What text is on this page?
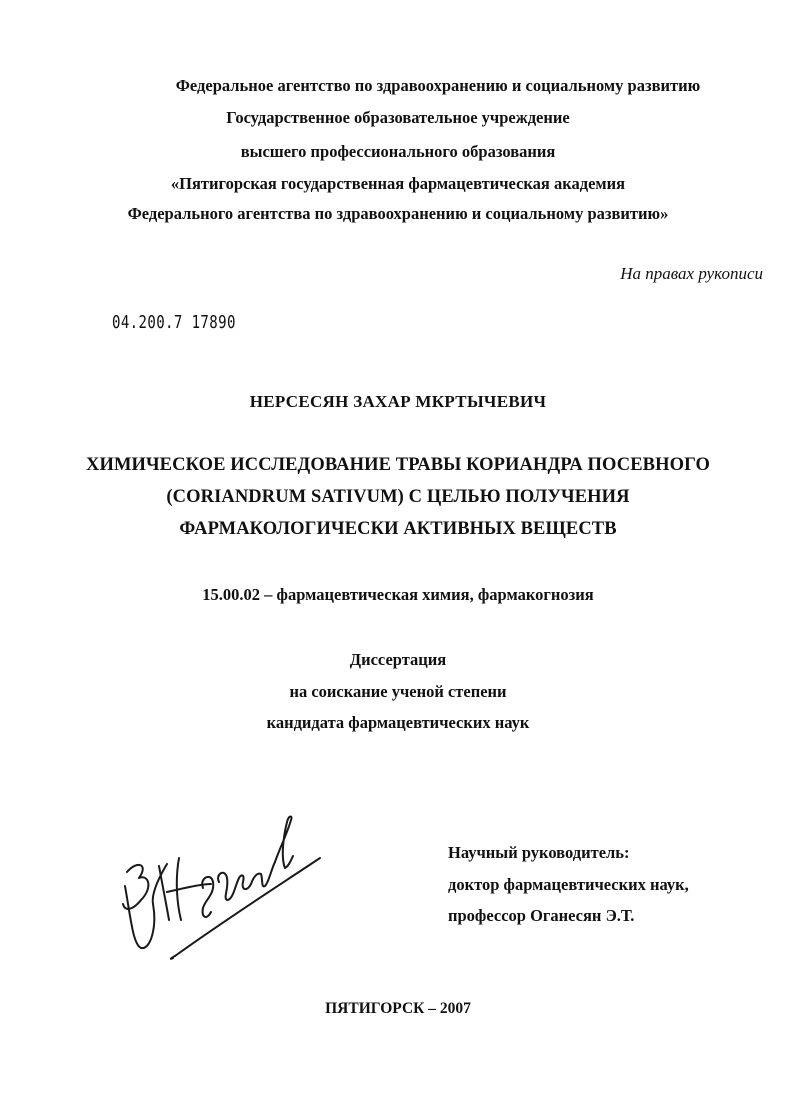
Федеральное агентство по здравоохранению и социальному развитию
Государственное образовательное учреждение
высшего профессионального образования
«Пятигорская государственная фармацевтическая академия
Федерального агентства по здравоохранению и социальному развитию»
На правах рукописи
04.200.7 17890
НЕРСЕСЯН ЗАХАР МКРТЫЧЕВИЧ
ХИМИЧЕСКОЕ ИССЛЕДОВАНИЕ ТРАВЫ КОРИАНДРА ПОСЕВНОГО
(CORIANDRUM SATIVUM) С ЦЕЛЬЮ ПОЛУЧЕНИЯ
ФАРМАКОЛОГИЧЕСКИ АКТИВНЫХ ВЕЩЕСТВ
15.00.02 – фармацевтическая химия, фармакогнозия
Диссертация
на соискание ученой степени
кандидата фармацевтических наук
Научный руководитель:
доктор фармацевтических наук,
профессор Оганесян Э.Т.
ПЯТИГОРСК – 2007
